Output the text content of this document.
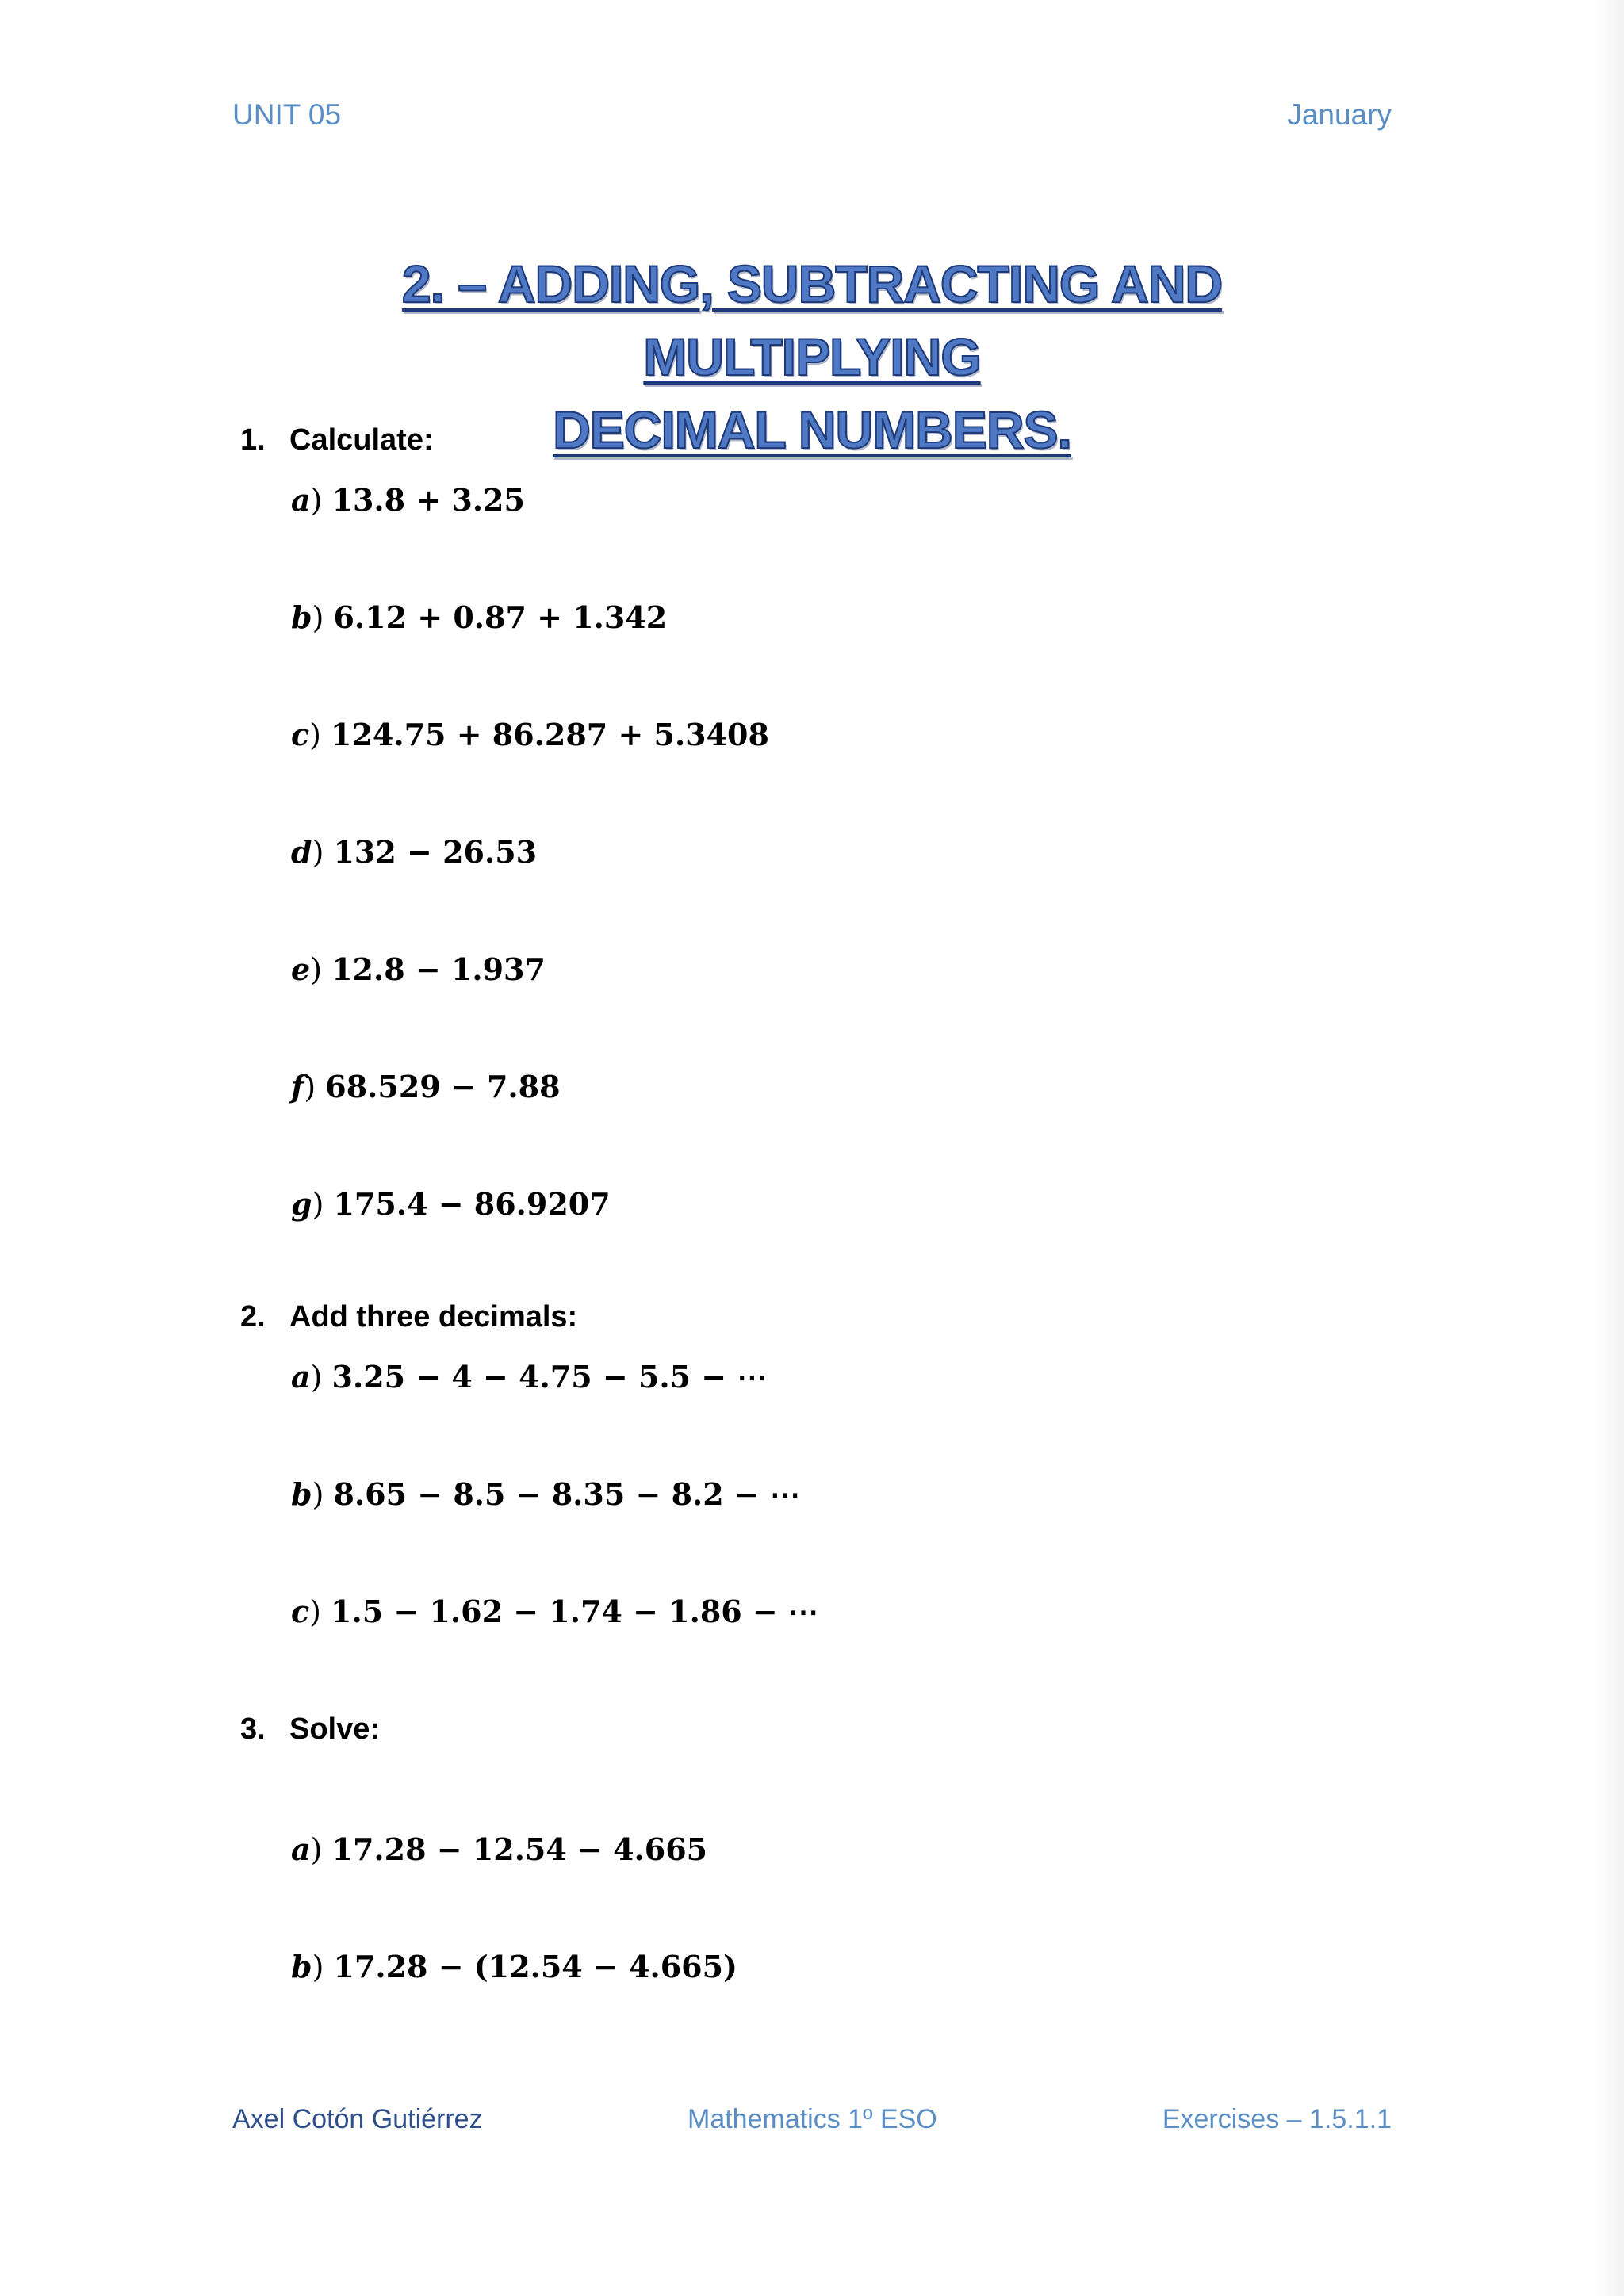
UNIT 05	January
2. – ADDING, SUBTRACTING AND MULTIPLYING
DECIMAL NUMBERS.
1. Calculate:
a) 13.8 + 3.25
b) 6.12 + 0.87 + 1.342
c) 124.75 + 86.287 + 5.3408
d) 132 − 26.53
e) 12.8 − 1.937
f) 68.529 − 7.88
g) 175.4 − 86.9207
2. Add three decimals:
a) 3.25 − 4 − 4.75 − 5.5 − ⋯
b) 8.65 − 8.5 − 8.35 − 8.2 − ⋯
c) 1.5 − 1.62 − 1.74 − 1.86 − ⋯
3. Solve:
a) 17.28 − 12.54 − 4.665
b) 17.28 − (12.54 − 4.665)
Axel Cotón Gutiérrez	Mathematics 1º ESO	Exercises – 1.5.1.1
